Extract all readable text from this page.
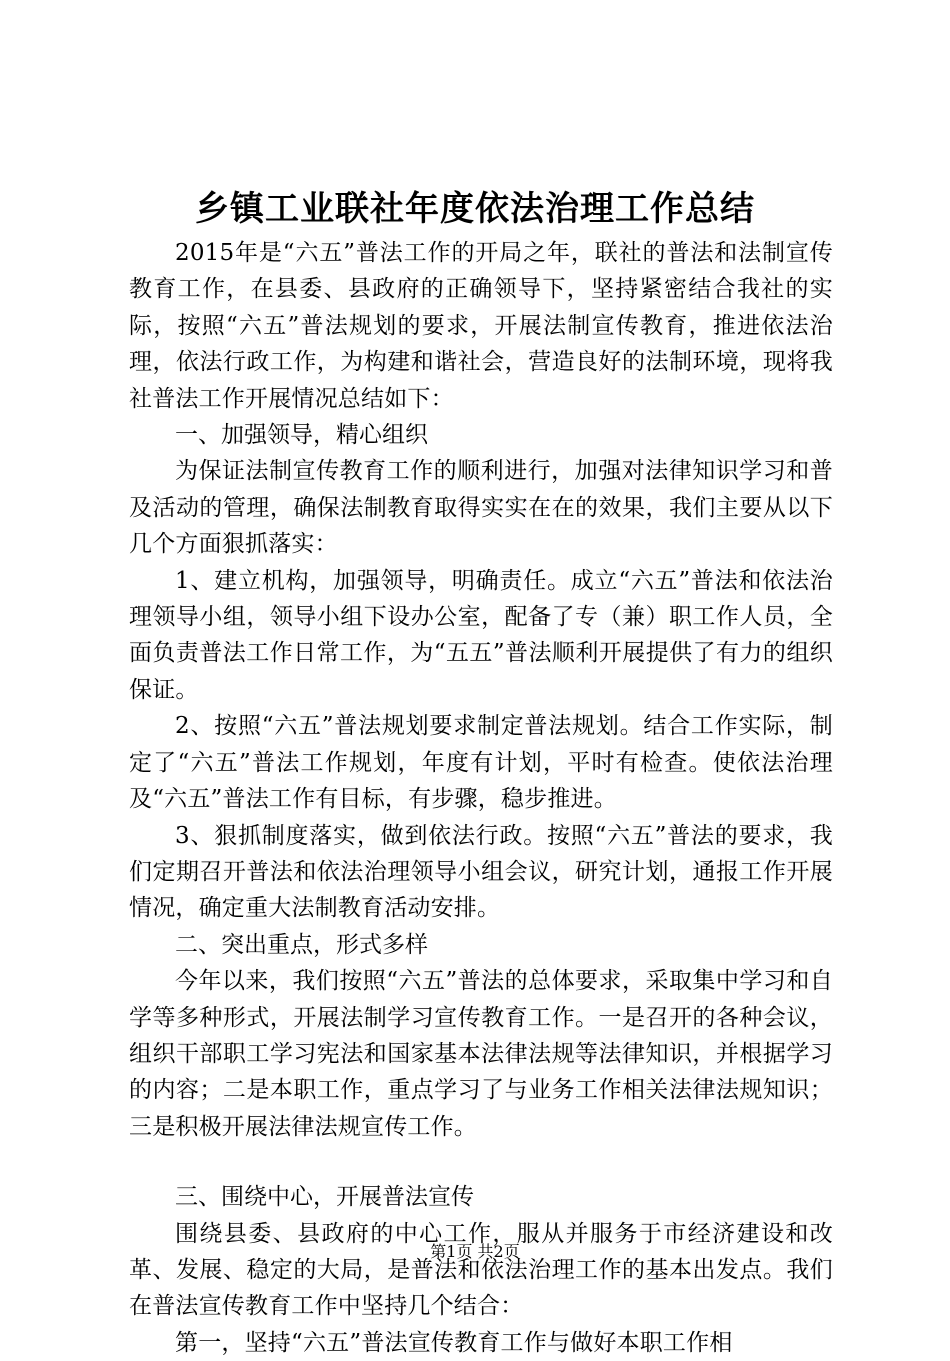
乡镇工业联社年度依法治理工作总结

2015年是“六五”普法工作的开局之年，联社的普法和法制宣传教育工作，在县委、县政府的正确领导下，坚持紧密结合我社的实际，按照“六五”普法规划的要求，开展法制宣传教育，推进依法治理，依法行政工作，为构建和谐社会，营造良好的法制环境，现将我社普法工作开展情况总结如下：

一、加强领导，精心组织

为保证法制宣传教育工作的顺利进行，加强对法律知识学习和普及活动的管理，确保法制教育取得实实在在的效果，我们主要从以下几个方面狠抓落实：

1、建立机构，加强领导，明确责任。成立“六五”普法和依法治理领导小组，领导小组下设办公室，配备了专（兼）职工作人员，全面负责普法工作日常工作，为“五五”普法顺利开展提供了有力的组织保证。

2、按照“六五”普法规划要求制定普法规划。结合工作实际，制定了“六五”普法工作规划，年度有计划，平时有检查。使依法治理及“六五”普法工作有目标，有步骤，稳步推进。

3、狠抓制度落实，做到依法行政。按照“六五”普法的要求，我们定期召开普法和依法治理领导小组会议，研究计划，通报工作开展情况，确定重大法制教育活动安排。

二、突出重点，形式多样

今年以来，我们按照“六五”普法的总体要求，采取集中学习和自学等多种形式，开展法制学习宣传教育工作。一是召开的各种会议，组织干部职工学习宪法和国家基本法律法规等法律知识，并根据学习的内容；二是本职工作，重点学习了与业务工作相关法律法规知识；三是积极开展法律法规宣传工作。

三、围绕中心，开展普法宣传

围绕县委、县政府的中心工作，服从并服务于市经济建设和改革、发展、稳定的大局，是普法和依法治理工作的基本出发点。我们在普法宣传教育工作中坚持几个结合：

第一，坚持“六五”普法宣传教育工作与做好本职工作相

第1页 共2页
